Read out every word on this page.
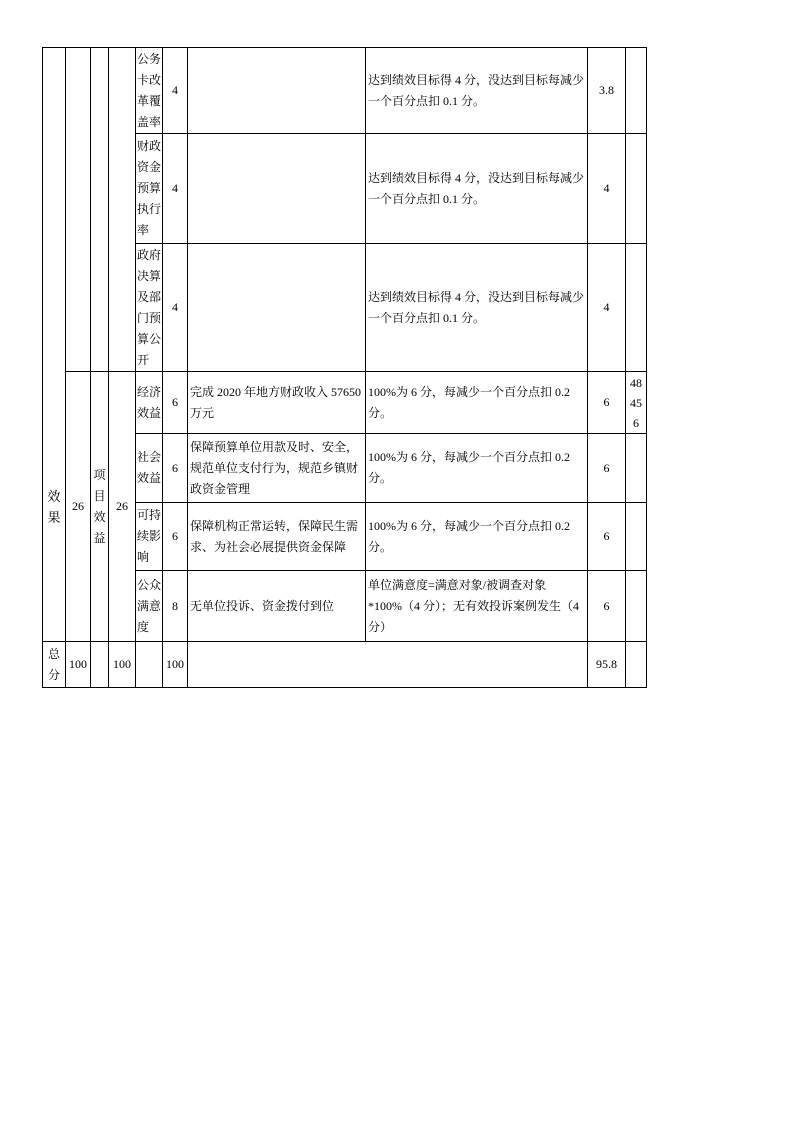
效果				公务卡改革覆盖率	4		达到绩效目标得 4 分，没达到目标每减少一个百分点扣 0.1 分。	3.8	
				财政资金预算执行率	4		达到绩效目标得 4 分，没达到目标每减少一个百分点扣 0.1 分。	4	
				政府决算及部门预算公开	4		达到绩效目标得 4 分，没达到目标每减少一个百分点扣 0.1 分。	4	
	26	项目效益	26	经济效益	6	完成 2020 年地方财政收入 57650 万元	100%为 6 分，每减少一个百分点扣 0.2 分。	6	48456

				社会效益	6	保障预算单位用款及时、安全，规范单位支付行为，规范乡镇财政资金管理	100%为 6 分，每减少一个百分点扣 0.2 分。	6	
				可持续影响	6	保障机构正常运转，保障民生需求、为社会必展提供资金保障	100%为 6 分，每减少一个百分点扣 0.2 分。	6	
				公众满意度	8	无单位投诉、资金拨付到位	单位满意度=满意对象/被调查对象*100%（4 分）；无有效投诉案例发生（4 分）	6	
总分	100		100		100			95.8	
